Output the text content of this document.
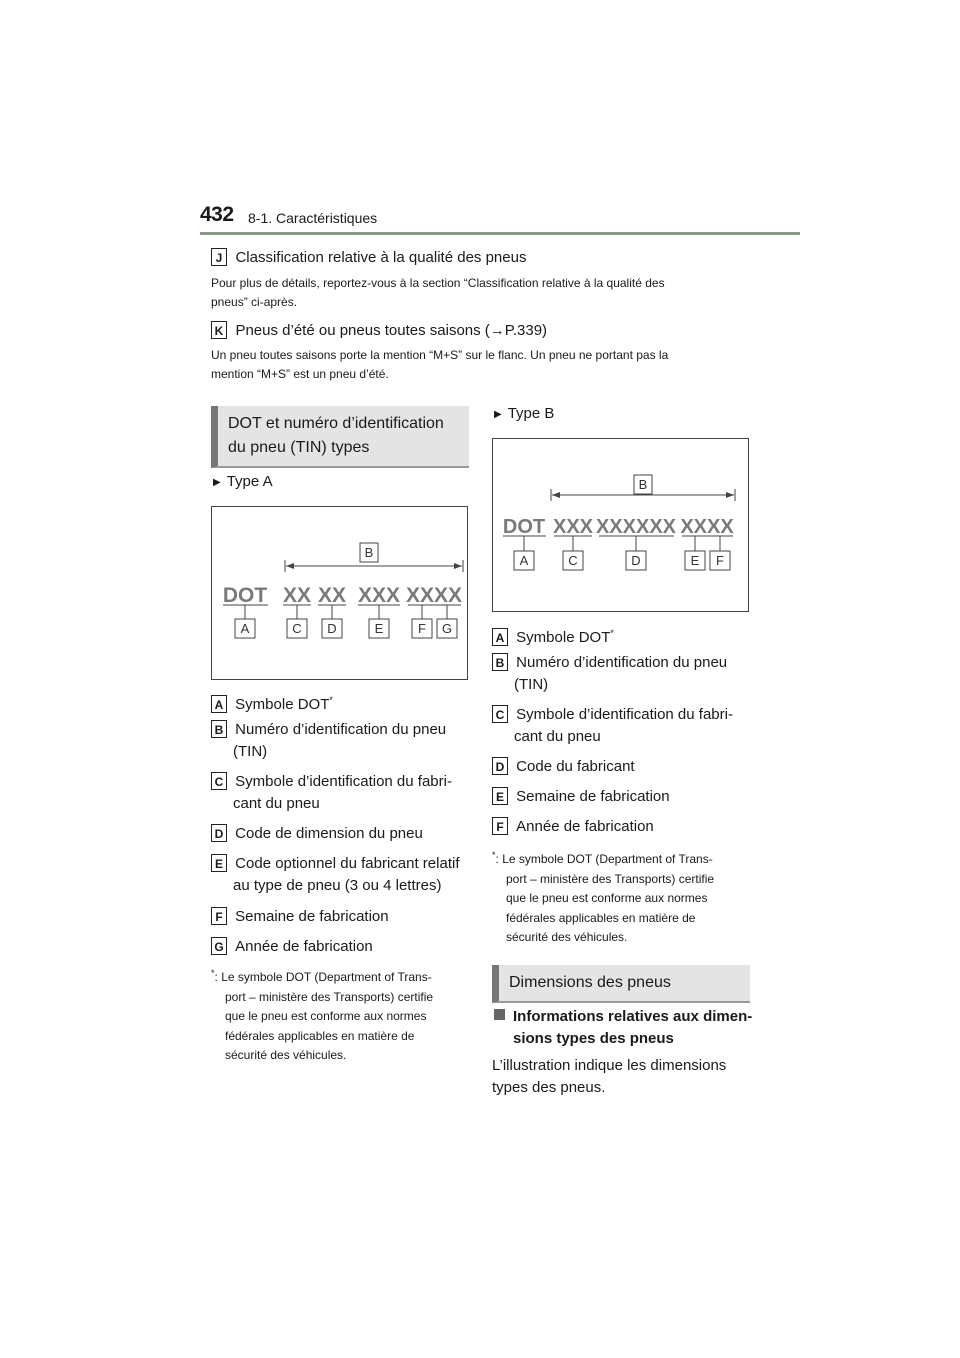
432 8-1. Caractéristiques
J Classification relative à la qualité des pneus
Pour plus de détails, reportez-vous à la section “Classification relative à la qualité des
pneus” ci-après.
K Pneus d’été ou pneus toutes saisons (→P.339)
Un pneu toutes saisons porte la mention “M+S” sur le flanc. Un pneu ne portant pas la
mention “M+S” est un pneu d’été.
DOT et numéro d’identification
du pneu (TIN) types
▶ Type A
B
DOT XX XX XXX XXXX
A	C D	E	F G
A Symbole DOT*
B Numéro d’identification du pneu
(TIN)
C Symbole d’identification du fabri-
cant du pneu
D Code de dimension du pneu
E Code optionnel du fabricant relatif
au type de pneu (3 ou 4 lettres)
F Semaine de fabrication
G Année de fabrication
*: Le symbole DOT (Department of Trans-
port – ministère des Transports) certifie
que le pneu est conforme aux normes
fédérales applicables en matière de
sécurité des véhicules.
▶ Type B
B
DOT XXX XXXXXX XXXX
A	C	D	E F
A Symbole DOT*
B Numéro d’identification du pneu
(TIN)
C Symbole d’identification du fabri-
cant du pneu
D Code du fabricant
E Semaine de fabrication
F Année de fabrication
*: Le symbole DOT (Department of Trans-
port – ministère des Transports) certifie
que le pneu est conforme aux normes
fédérales applicables en matière de
sécurité des véhicules.
Dimensions des pneus
Informations relatives aux dimen-
sions types des pneus
L’illustration indique les dimensions
types des pneus.
